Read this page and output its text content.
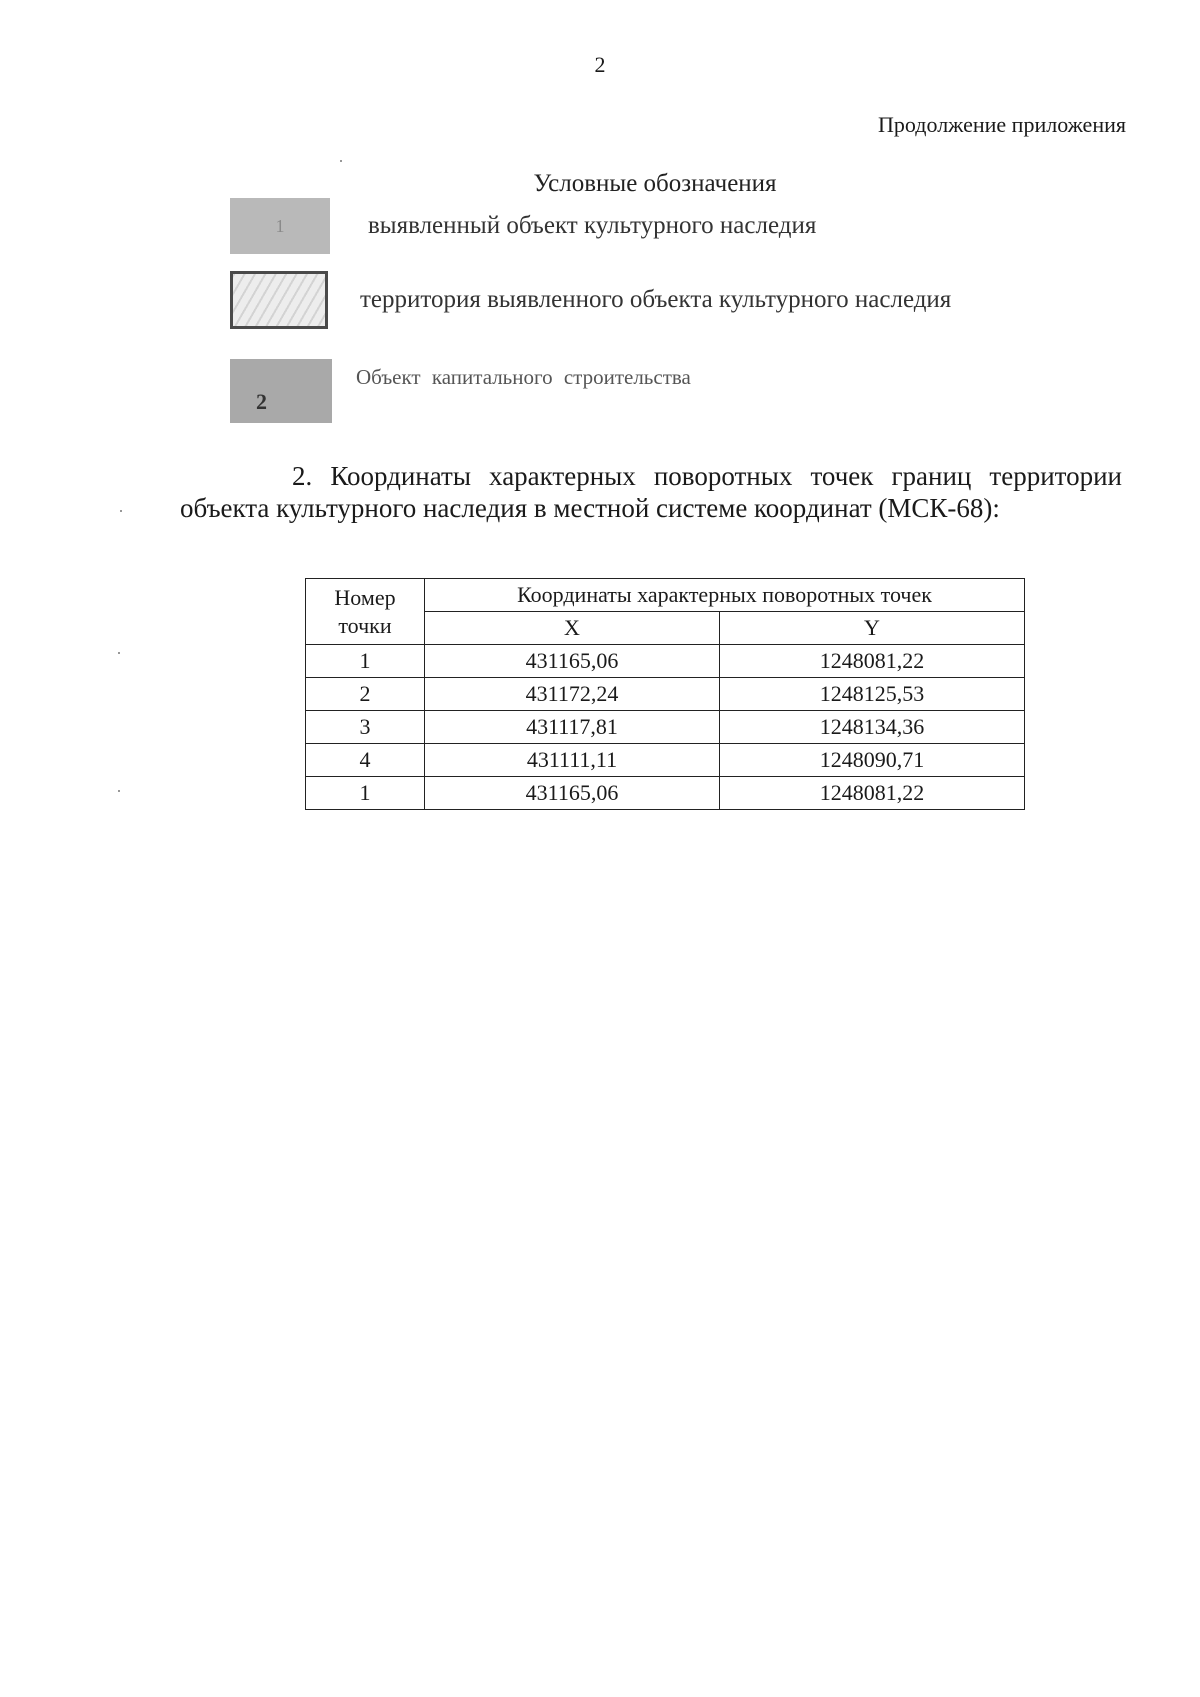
2
Продолжение приложения
Условные обозначения
1	выявленный объект культурного наследия
территория выявленного объекта культурного наследия
2
Объект капитального строительства
2. Координаты характерных поворотных точек границ территории объекта культурного наследия в местной системе координат (МСК-68):
Номер точки	Координаты характерных поворотных точек	
	X	Y
1	431165,06	1248081,22
2	431172,24	1248125,53
3	431117,81	1248134,36
4	431111,11	1248090,71
1	431165,06	1248081,22
